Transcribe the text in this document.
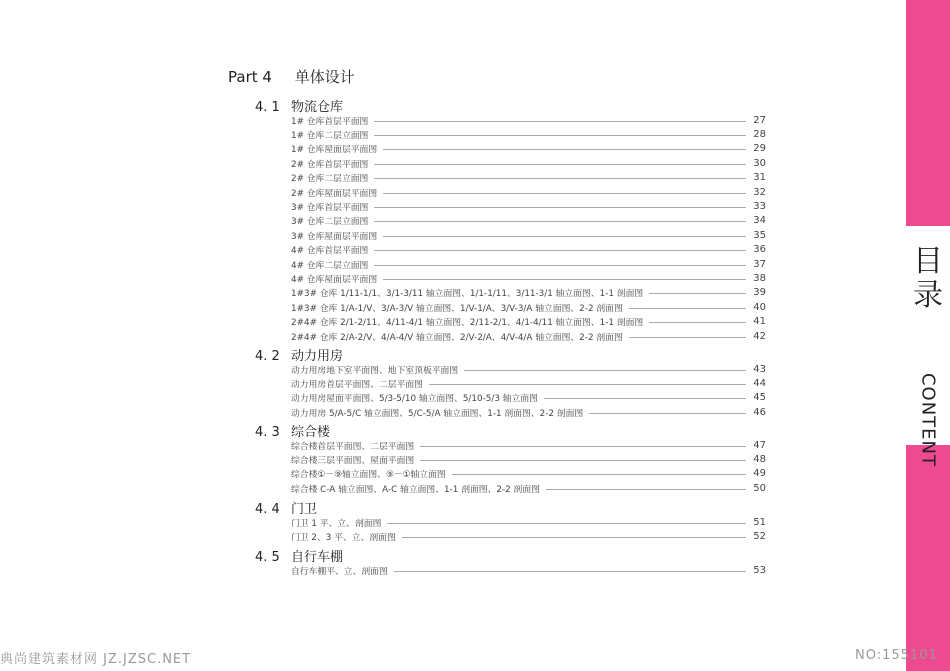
目
录
CONTENT
Part 4 单体设计
4. 1 物流仓库
1# 仓库首层平面图	27
1# 仓库二层立面图	28
1# 仓库屋面层平面图	29
2# 仓库首层平面图	30
2# 仓库二层立面图	31
2# 仓库屋面层平面图	32
3# 仓库首层平面图	33
3# 仓库二层立面图	34
3# 仓库屋面层平面图	35
4# 仓库首层平面图	36
4# 仓库二层立面图	37
4# 仓库屋面层平面图	38
1#3# 仓库 1/11-1/1、3/1-3/11 轴立面图、1/1-1/11、3/11-3/1 轴立面图、1-1 剖面图	39
1#3# 仓库 1/A-1/V、3/A-3/V 轴立面图、1/V-1/A、3/V-3/A 轴立面图、2-2 剖面图	40
2#4# 仓库 2/1-2/11、4/11-4/1 轴立面图、2/11-2/1、4/1-4/11 轴立面图、1-1 剖面图	41
2#4# 仓库 2/A-2/V、4/A-4/V 轴立面图、2/V-2/A、4/V-4/A 轴立面图、2-2 剖面图	42
4. 2 动力用房
动力用房地下室平面图、地下室顶板平面图	43
动力用房首层平面图、二层平面图	44
动力用房屋面平面图、5/3-5/10 轴立面图、5/10-5/3 轴立面图	45
动力用房 5/A-5/C 轴立面图、5/C-5/A 轴立面图、1-1 剖面图、2-2 剖面图	46
4. 3 综合楼
综合楼首层平面图、二层平面图	47
综合楼三层平面图、屋面平面图	48
综合楼①－⑨轴立面图、⑨－①轴立面图	49
综合楼 C-A 轴立面图、A-C 轴立面图、1-1 剖面图、2-2 剖面图	50
4. 4 门卫
门卫 1 平、立、剖面图	51
门卫 2、3 平、立、剖面图	52
4. 5 自行车棚
自行车棚平、立、剖面图	53
典尚建筑素材网 JZ.JZSC.NET	NO:155101
